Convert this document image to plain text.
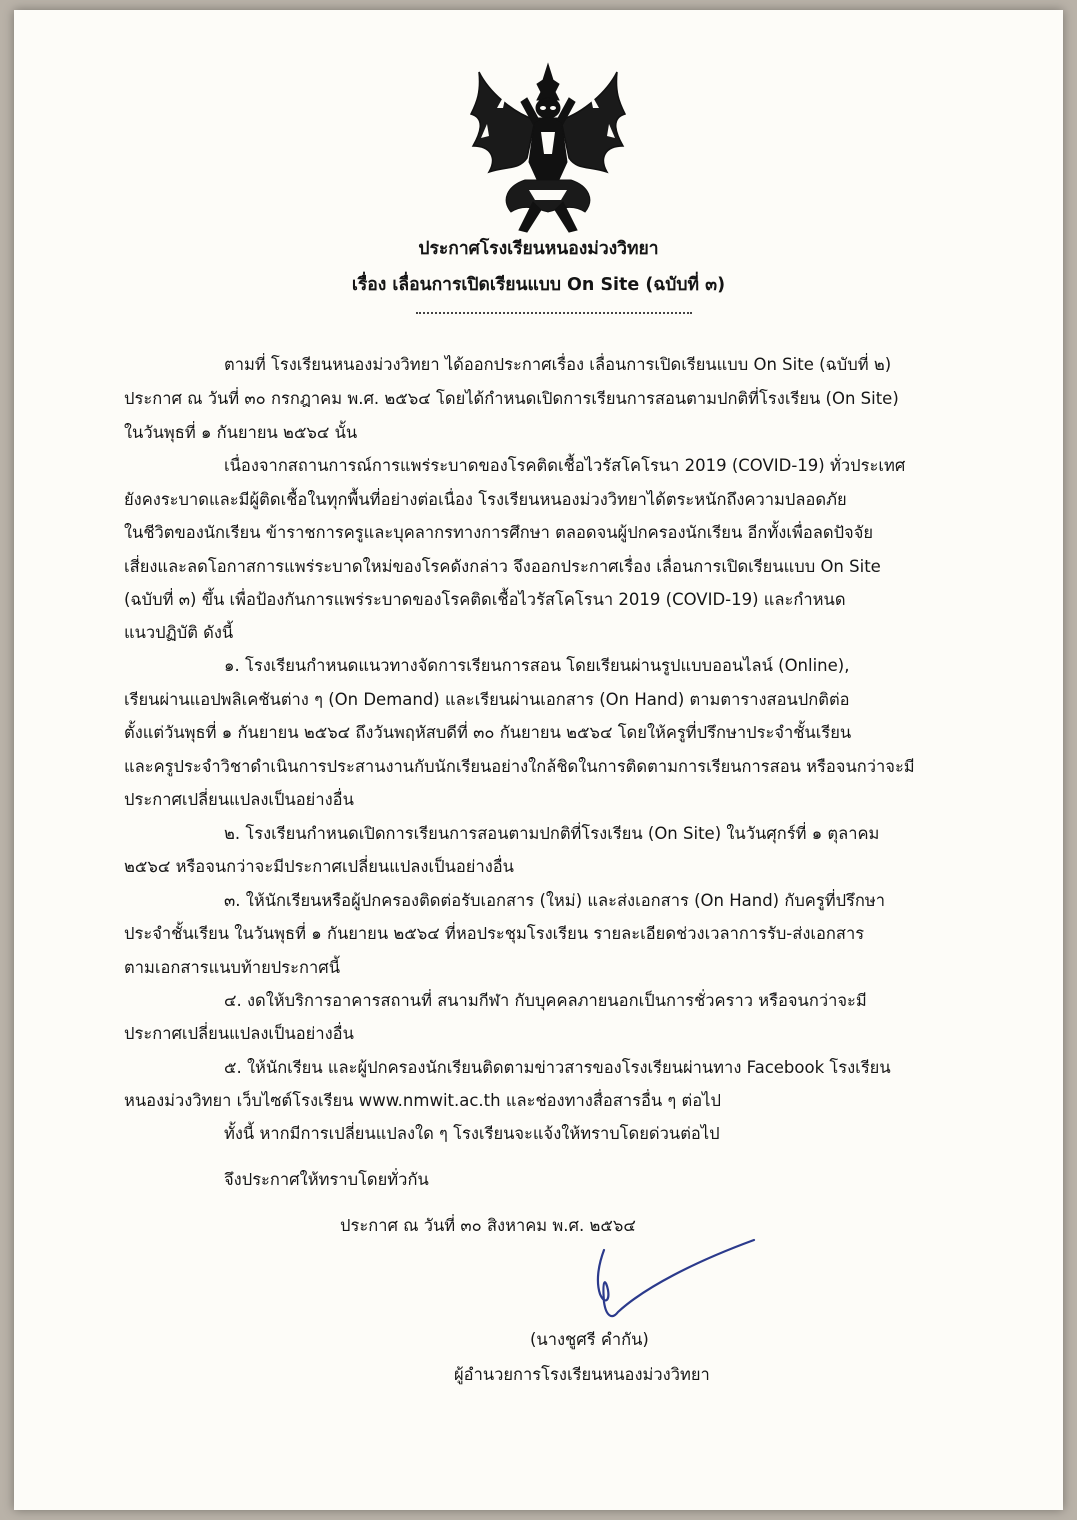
ประกาศโรงเรียนหนองม่วงวิทยา
เรื่อง เลื่อนการเปิดเรียนแบบ On Site (ฉบับที่ ๓)
ตามที่ โรงเรียนหนองม่วงวิทยา ได้ออกประกาศเรื่อง เลื่อนการเปิดเรียนแบบ On Site (ฉบับที่ ๒)
ประกาศ ณ วันที่ ๓๐ กรกฎาคม พ.ศ. ๒๕๖๔ โดยได้กำหนดเปิดการเรียนการสอนตามปกติที่โรงเรียน (On Site)
ในวันพุธที่ ๑ กันยายน ๒๕๖๔ นั้น
เนื่องจากสถานการณ์การแพร่ระบาดของโรคติดเชื้อไวรัสโคโรนา 2019 (COVID-19) ทั่วประเทศ
ยังคงระบาดและมีผู้ติดเชื้อในทุกพื้นที่อย่างต่อเนื่อง โรงเรียนหนองม่วงวิทยาได้ตระหนักถึงความปลอดภัย
ในชีวิตของนักเรียน ข้าราชการครูและบุคลากรทางการศึกษา ตลอดจนผู้ปกครองนักเรียน อีกทั้งเพื่อลดปัจจัย
เสี่ยงและลดโอกาสการแพร่ระบาดใหม่ของโรคดังกล่าว จึงออกประกาศเรื่อง เลื่อนการเปิดเรียนแบบ On Site
(ฉบับที่ ๓) ขึ้น เพื่อป้องกันการแพร่ระบาดของโรคติดเชื้อไวรัสโคโรนา 2019 (COVID-19) และกำหนด
แนวปฏิบัติ ดังนี้
๑. โรงเรียนกำหนดแนวทางจัดการเรียนการสอน โดยเรียนผ่านรูปแบบออนไลน์ (Online),
เรียนผ่านแอปพลิเคชันต่าง ๆ (On Demand) และเรียนผ่านเอกสาร (On Hand) ตามตารางสอนปกติต่อ
ตั้งแต่วันพุธที่ ๑ กันยายน ๒๕๖๔ ถึงวันพฤหัสบดีที่ ๓๐ กันยายน ๒๕๖๔ โดยให้ครูที่ปรึกษาประจำชั้นเรียน
และครูประจำวิชาดำเนินการประสานงานกับนักเรียนอย่างใกล้ชิดในการติดตามการเรียนการสอน หรือจนกว่าจะมี
ประกาศเปลี่ยนแปลงเป็นอย่างอื่น
๒. โรงเรียนกำหนดเปิดการเรียนการสอนตามปกติที่โรงเรียน (On Site) ในวันศุกร์ที่ ๑ ตุลาคม
๒๕๖๔ หรือจนกว่าจะมีประกาศเปลี่ยนแปลงเป็นอย่างอื่น
๓. ให้นักเรียนหรือผู้ปกครองติดต่อรับเอกสาร (ใหม่) และส่งเอกสาร (On Hand) กับครูที่ปรึกษา
ประจำชั้นเรียน ในวันพุธที่ ๑ กันยายน ๒๕๖๔ ที่หอประชุมโรงเรียน รายละเอียดช่วงเวลาการรับ-ส่งเอกสาร
ตามเอกสารแนบท้ายประกาศนี้
๔. งดให้บริการอาคารสถานที่ สนามกีฬา กับบุคคลภายนอกเป็นการชั่วคราว หรือจนกว่าจะมี
ประกาศเปลี่ยนแปลงเป็นอย่างอื่น
๕. ให้นักเรียน และผู้ปกครองนักเรียนติดตามข่าวสารของโรงเรียนผ่านทาง Facebook โรงเรียน
หนองม่วงวิทยา เว็บไซต์โรงเรียน www.nmwit.ac.th และช่องทางสื่อสารอื่น ๆ ต่อไป
ทั้งนี้ หากมีการเปลี่ยนแปลงใด ๆ โรงเรียนจะแจ้งให้ทราบโดยด่วนต่อไป
จึงประกาศให้ทราบโดยทั่วกัน
ประกาศ ณ วันที่ ๓๐ สิงหาคม พ.ศ. ๒๕๖๔
(นางชูศรี คำกัน)
ผู้อำนวยการโรงเรียนหนองม่วงวิทยา
